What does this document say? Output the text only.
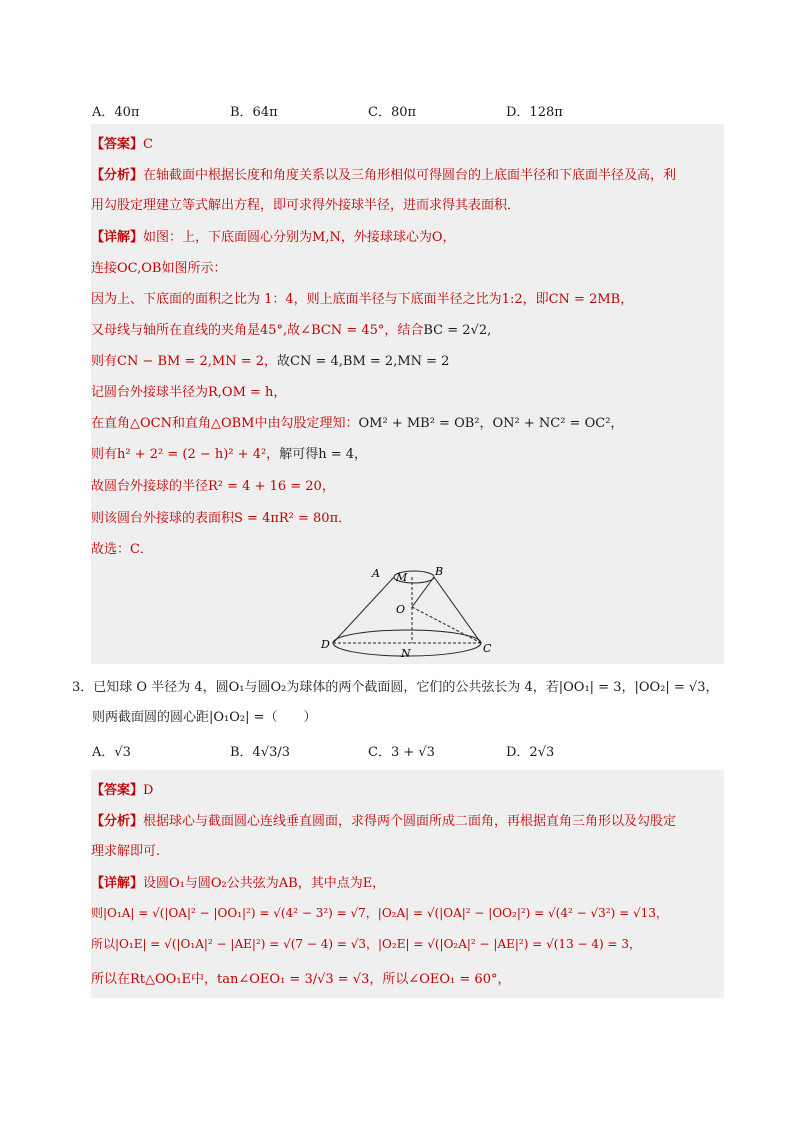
A．40π	B．64π	C．80π	D．128π
【答案】C
【分析】在轴截面中根据长度和角度关系以及三角形相似可得圆台的上底面半径和下底面半径及高，利
用勾股定理建立等式解出方程，即可求得外接球半径，进而求得其表面积．
【详解】如图：上，下底面圆心分别为M,N，外接球球心为O，
连接OC,OB如图所示：
因为上、下底面的面积之比为 1：4，则上底面半径与下底面半径之比为1:2，即CN = 2MB，
又母线与轴所在直线的夹角是45°,故∠BCN = 45°，结合BC = 2√2,
则有CN − BM = 2,MN = 2，故CN = 4,BM = 2,MN = 2
记圆台外接球半径为R,OM = h，
在直角△OCN和直角△OBM中由勾股定理知：OM² + MB² = OB²，ON² + NC² = OC²，
则有h² + 2² = (2 − h)² + 4²，解可得h = 4，
故圆台外接球的半径R² = 4 + 16 = 20，
则该圆台外接球的表面积S = 4πR² = 80π．
故选：C．
A M	B
O
D
N	C
3．已知球 O 半径为 4，圆O₁与圆O₂为球体的两个截面圆，它们的公共弦长为 4，若|OO₁| = 3，|OO₂| = √3，
则两截面圆的圆心距|O₁O₂| =（　　）
A．√3	B．4√3/3	C．3 + √3	D．2√3
【答案】D
【分析】根据球心与截面圆心连线垂直圆面，求得两个圆面所成二面角，再根据直角三角形以及勾股定
理求解即可.
【详解】设圆O₁与圆O₂公共弦为AB，其中点为E，
则|O₁A| = √(|OA|² − |OO₁|²) = √(4² − 3²) = √7，|O₂A| = √(|OA|² − |OO₂|²) = √(4² − √3²) = √13，
所以|O₁E| = √(|O₁A|² − |AE|²) = √(7 − 4) = √3，|O₂E| = √(|O₂A|² − |AE|²) = √(13 − 4) = 3，
所以在Rt△OO₁E中，tan∠OEO₁ = 3/√3 = √3，所以∠OEO₁ = 60°，
